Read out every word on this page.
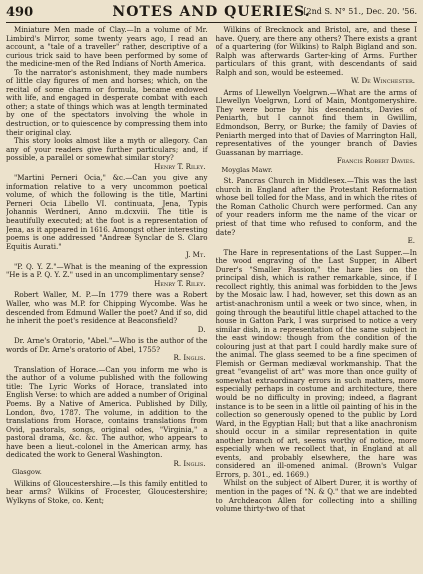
490	NOTES AND QUERIES.
[2nd S. N° 51., Dec. 20. '56.

Miniature Men made of Clay.—In a volume of Mr. Limbird's Mirror, some twenty years ago, I read an account, a "tale of a traveller" rather, descriptive of a curious trick said to have been performed by some of the medicine-men of the Red Indians of North America.

To the narrator's astonishment, they made numbers of little clay figures of men and horses; which, on the recital of some charm or formula, became endowed with life, and engaged in desperate combat with each other; a state of things which was at length terminated by one of the spectators involving the whole in destruction, or to quiescence by compressing them into their original clay.

This story looks almost like a myth or allegory. Can any of your readers give further particulars; and, if possible, a parallel or somewhat similar story?

Henry T. Riley.

"Martini Perneri Ocia," &c.—Can you give any information relative to a very uncommon poetical volume, of which the following is the title, Martini Perneri Ocia Libello VI. continuata, Jena, Typis Johannis Werdneri, Anno m.dcxviii. The title is beautifully executed; at the foot is a representation of Jena, as it appeared in 1616. Amongst other interesting poems is one addressed "Andreæ Synclar de S. Claro Equitis Aurati."

J. Mt.

"P. Q. Y. Z."—What is the meaning of the expression "He is a P. Q. Y. Z." used in an uncomplimentary sense?

Henry T. Riley.

Robert Waller, M. P.—In 1779 there was a Robert Waller, who was M.P. for Chipping Wycombe. Was he descended from Edmund Waller the poet? And if so, did he inherit the poet's residence at Beaconsfield?

D.

Dr. Arne's Oratorio, "Abel."—Who is the author of the words of Dr. Arne's oratorio of Abel, 1755?

R. Inglis.

Translation of Horace.—Can you inform me who is the author of a volume published with the following title: The Lyric Works of Horace, translated into English Verse: to which are added a number of Original Poems. By a Native of America. Published by Dilly, London, 8vo, 1787. The volume, in addition to the translations from Horace, contains translations from Ovid, pastorals, songs, original odes, "Virginia," a pastoral drama, &c. &c. The author, who appears to have been a lieut.-colonel in the American army, has dedicated the work to General Washington.

R. Inglis.
Glasgow.

Wilkins of Gloucestershire.—Is this family entitled to bear arms? Wilkins of Frocester, Gloucestershire; Wylkyns of Stoke, co. Kent;

Wilkins of Brecknock and Bristol, are, and these I have. Query, are there any others? There exists a grant of a quartering (for Wilkins) to Ralph Bigland and son. Ralph was afterwards Garter-king of Arms. Further particulars of this grant, with descendants of said Ralph and son, would be esteemed.

W. De Winchester.

Arms of Llewellyn Voelgrwn.—What are the arms of Llewellyn Voelgrwn, Lord of Main, Montgomeryshire. They were borne by his descendants, Davies of Peniarth, but I cannot find them in Gwillim, Edmondson, Berry, or Burke; the family of Davies of Peniarth merged into that of Davies of Marrington Hall, representatives of the younger branch of Davies Guassanan by marriage.

Francis Robert Davies.
Moyglas Mawr.

St. Pancras Church in Middlesex.—This was the last church in England after the Protestant Reformation whose bell tolled for the Mass, and in which the rites of the Roman Catholic Church were performed. Can any of your readers inform me the name of the vicar or priest of that time who refused to conform, and the date?

E.

The Hare in representations of the Last Supper.—In the wood engraving of the Last Supper, in Albert Durer's "Smaller Passion," the hare lies on the principal dish, which is rather remarkable, since, if I recollect rightly, this animal was forbidden to the Jews by the Mosaic law. I had, however, set this down as an artist-anachronism until a week or two since, when, in going through the beautiful little chapel attached to the house in Gatton Park, I was surprised to notice a very similar dish, in a representation of the same subject in the east window: though from the condition of the colouring just at that part I could hardly make sure of the animal. The glass seemed to be a fine specimen of Flemish or German mediæval workmanship. That the great "evangelist of art" was more than once guilty of somewhat extraordinary errors in such matters, more especially perhaps in costume and architecture, there would be no difficulty in proving; indeed, a flagrant instance is to be seen in a little oil painting of his in the collection so generously opened to the public by Lord Ward, in the Egyptian Hall; but that a like anachronism should occur in a similar representation in quite another branch of art, seems worthy of notice, more especially when we recollect that, in England at all events, and probably elsewhere, the hare was considered an ill-omened animal. (Brown's Vulgar Errors, p. 301., ed. 1669.)

Whilst on the subject of Albert Durer, it is worthy of mention in the pages of "N. & Q." that we are indebted to Archdeacon Allen for collecting into a shilling volume thirty-two of that
